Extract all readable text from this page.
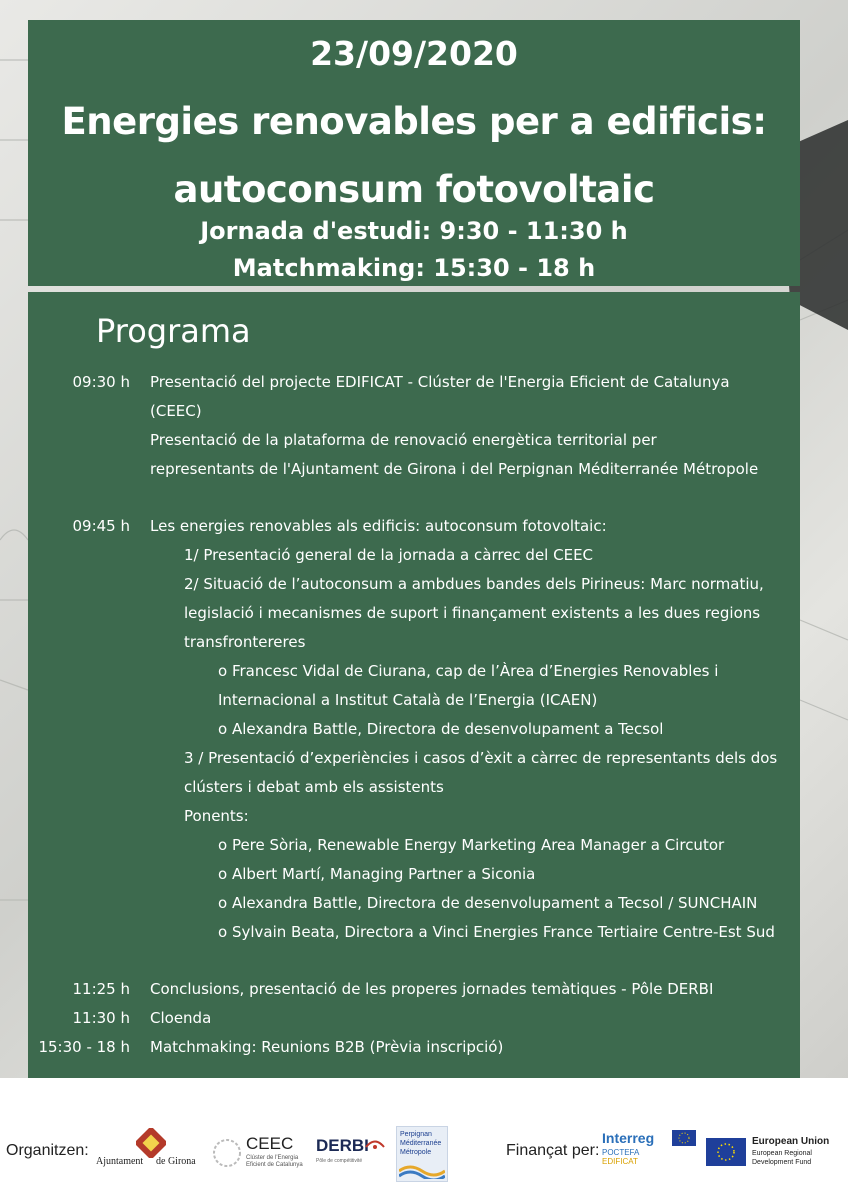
23/09/2020
Energies renovables per a edificis:
autoconsum fotovoltaic
Jornada d'estudi: 9:30 - 11:30 h
Matchmaking: 15:30 - 18 h
Programa
09:30 h Presentació del projecte EDIFICAT - Clúster de l'Energia Eficient de Catalunya
(CEEC)
Presentació de la plataforma de renovació energètica territorial per
representants de l'Ajuntament de Girona i del Perpignan Méditerranée Métropole
09:45 h Les energies renovables als edificis: autoconsum fotovoltaic:
1/ Presentació general de la jornada a càrrec del CEEC
2/ Situació de l’autoconsum a ambdues bandes dels Pirineus: Marc normatiu,
legislació i mecanismes de suport i finançament existents a les dues regions
transfrontereres
o Francesc Vidal de Ciurana, cap de l’Àrea d’Energies Renovables i
Internacional a Institut Català de l’Energia (ICAEN)
o Alexandra Battle, Directora de desenvolupament a Tecsol
3 / Presentació d’experiències i casos d’èxit a càrrec de representants dels dos
clústers i debat amb els assistents
Ponents:
o Pere Sòria, Renewable Energy Marketing Area Manager a Circutor
o Albert Martí, Managing Partner a Siconia
o Alexandra Battle, Directora de desenvolupament a Tecsol / SUNCHAIN
o Sylvain Beata, Directora a Vinci Energies France Tertiaire Centre-Est Sud
11:25 h Conclusions, presentació de les properes jornades temàtiques - Pôle DERBI
11:30 h Cloenda
15:30 - 18 h Matchmaking: Reunions B2B (Prèvia inscripció)
Organitzen:
Ajuntament de Girona
CEEC
Clúster de l'Energia
Eficient de Catalunya
DERBI
Pôle de compétitivité
Perpignan
Méditerranée
Métropole	Finançat per:
Interreg
POCTEFA
EDIFICAT
European Union
European Regional
Development Fund
